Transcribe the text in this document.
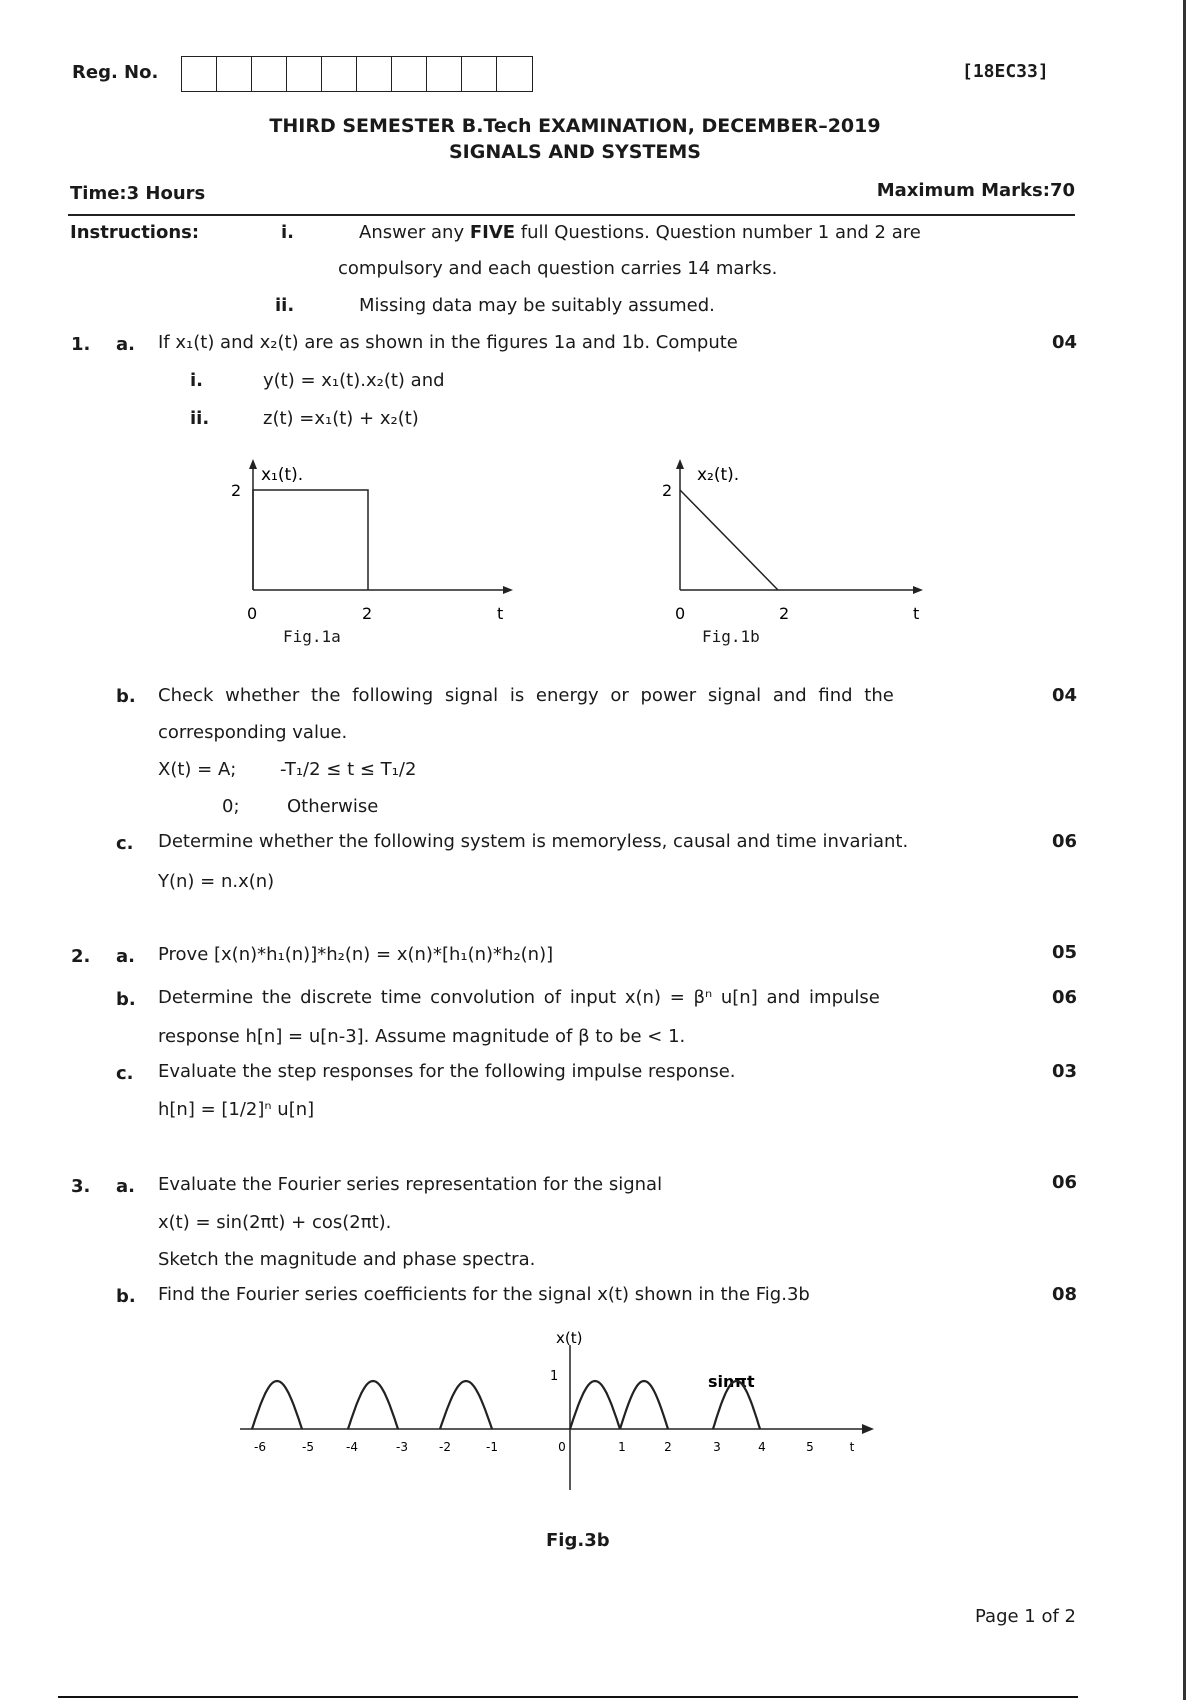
Reg. No.	[18EC33]
THIRD SEMESTER B.Tech EXAMINATION, DECEMBER–2019
SIGNALS AND SYSTEMS
Time:3 Hours	Maximum Marks:70
Instructions:	i.	Answer any FIVE full Questions. Question number 1 and 2 are
compulsory and each question carries 14 marks.
ii.	Missing data may be suitably assumed.
1. a. If x₁(t) and x₂(t) are as shown in the figures 1a and 1b. Compute	04
i.	y(t) = x₁(t).x₂(t) and
ii.	z(t) =x₁(t) + x₂(t)
x₁(t).
2
0	2	t
Fig.1a
x₂(t).
2
0	2	t
Fig.1b
b. Check whether the following signal is energy or power signal and find the	04
corresponding value.
X(t) = A; -T₁/2 ≤ t ≤ T₁/2
0;	Otherwise
c. Determine whether the following system is memoryless, causal and time invariant.	06
Y(n) = n.x(n)
2. a. Prove [x(n)*h₁(n)]*h₂(n) = x(n)*[h₁(n)*h₂(n)]	05
b. Determine the discrete time convolution of input x(n) = βⁿ u[n] and impulse	06
response h[n] = u[n-3]. Assume magnitude of β to be < 1.
c. Evaluate the step responses for the following impulse response.	03
h[n] = [1/2]ⁿ u[n]
3. a. Evaluate the Fourier series representation for the signal	06
x(t) = sin(2πt) + cos(2πt).
Sketch the magnitude and phase spectra.
b. Find the Fourier series coefficients for the signal x(t) shown in the Fig.3b	08
x(t)
1	sinπt
-6	-5	-4	-3	-2	-1	0	1	2	3	4	5	t
Fig.3b
Page 1 of 2
